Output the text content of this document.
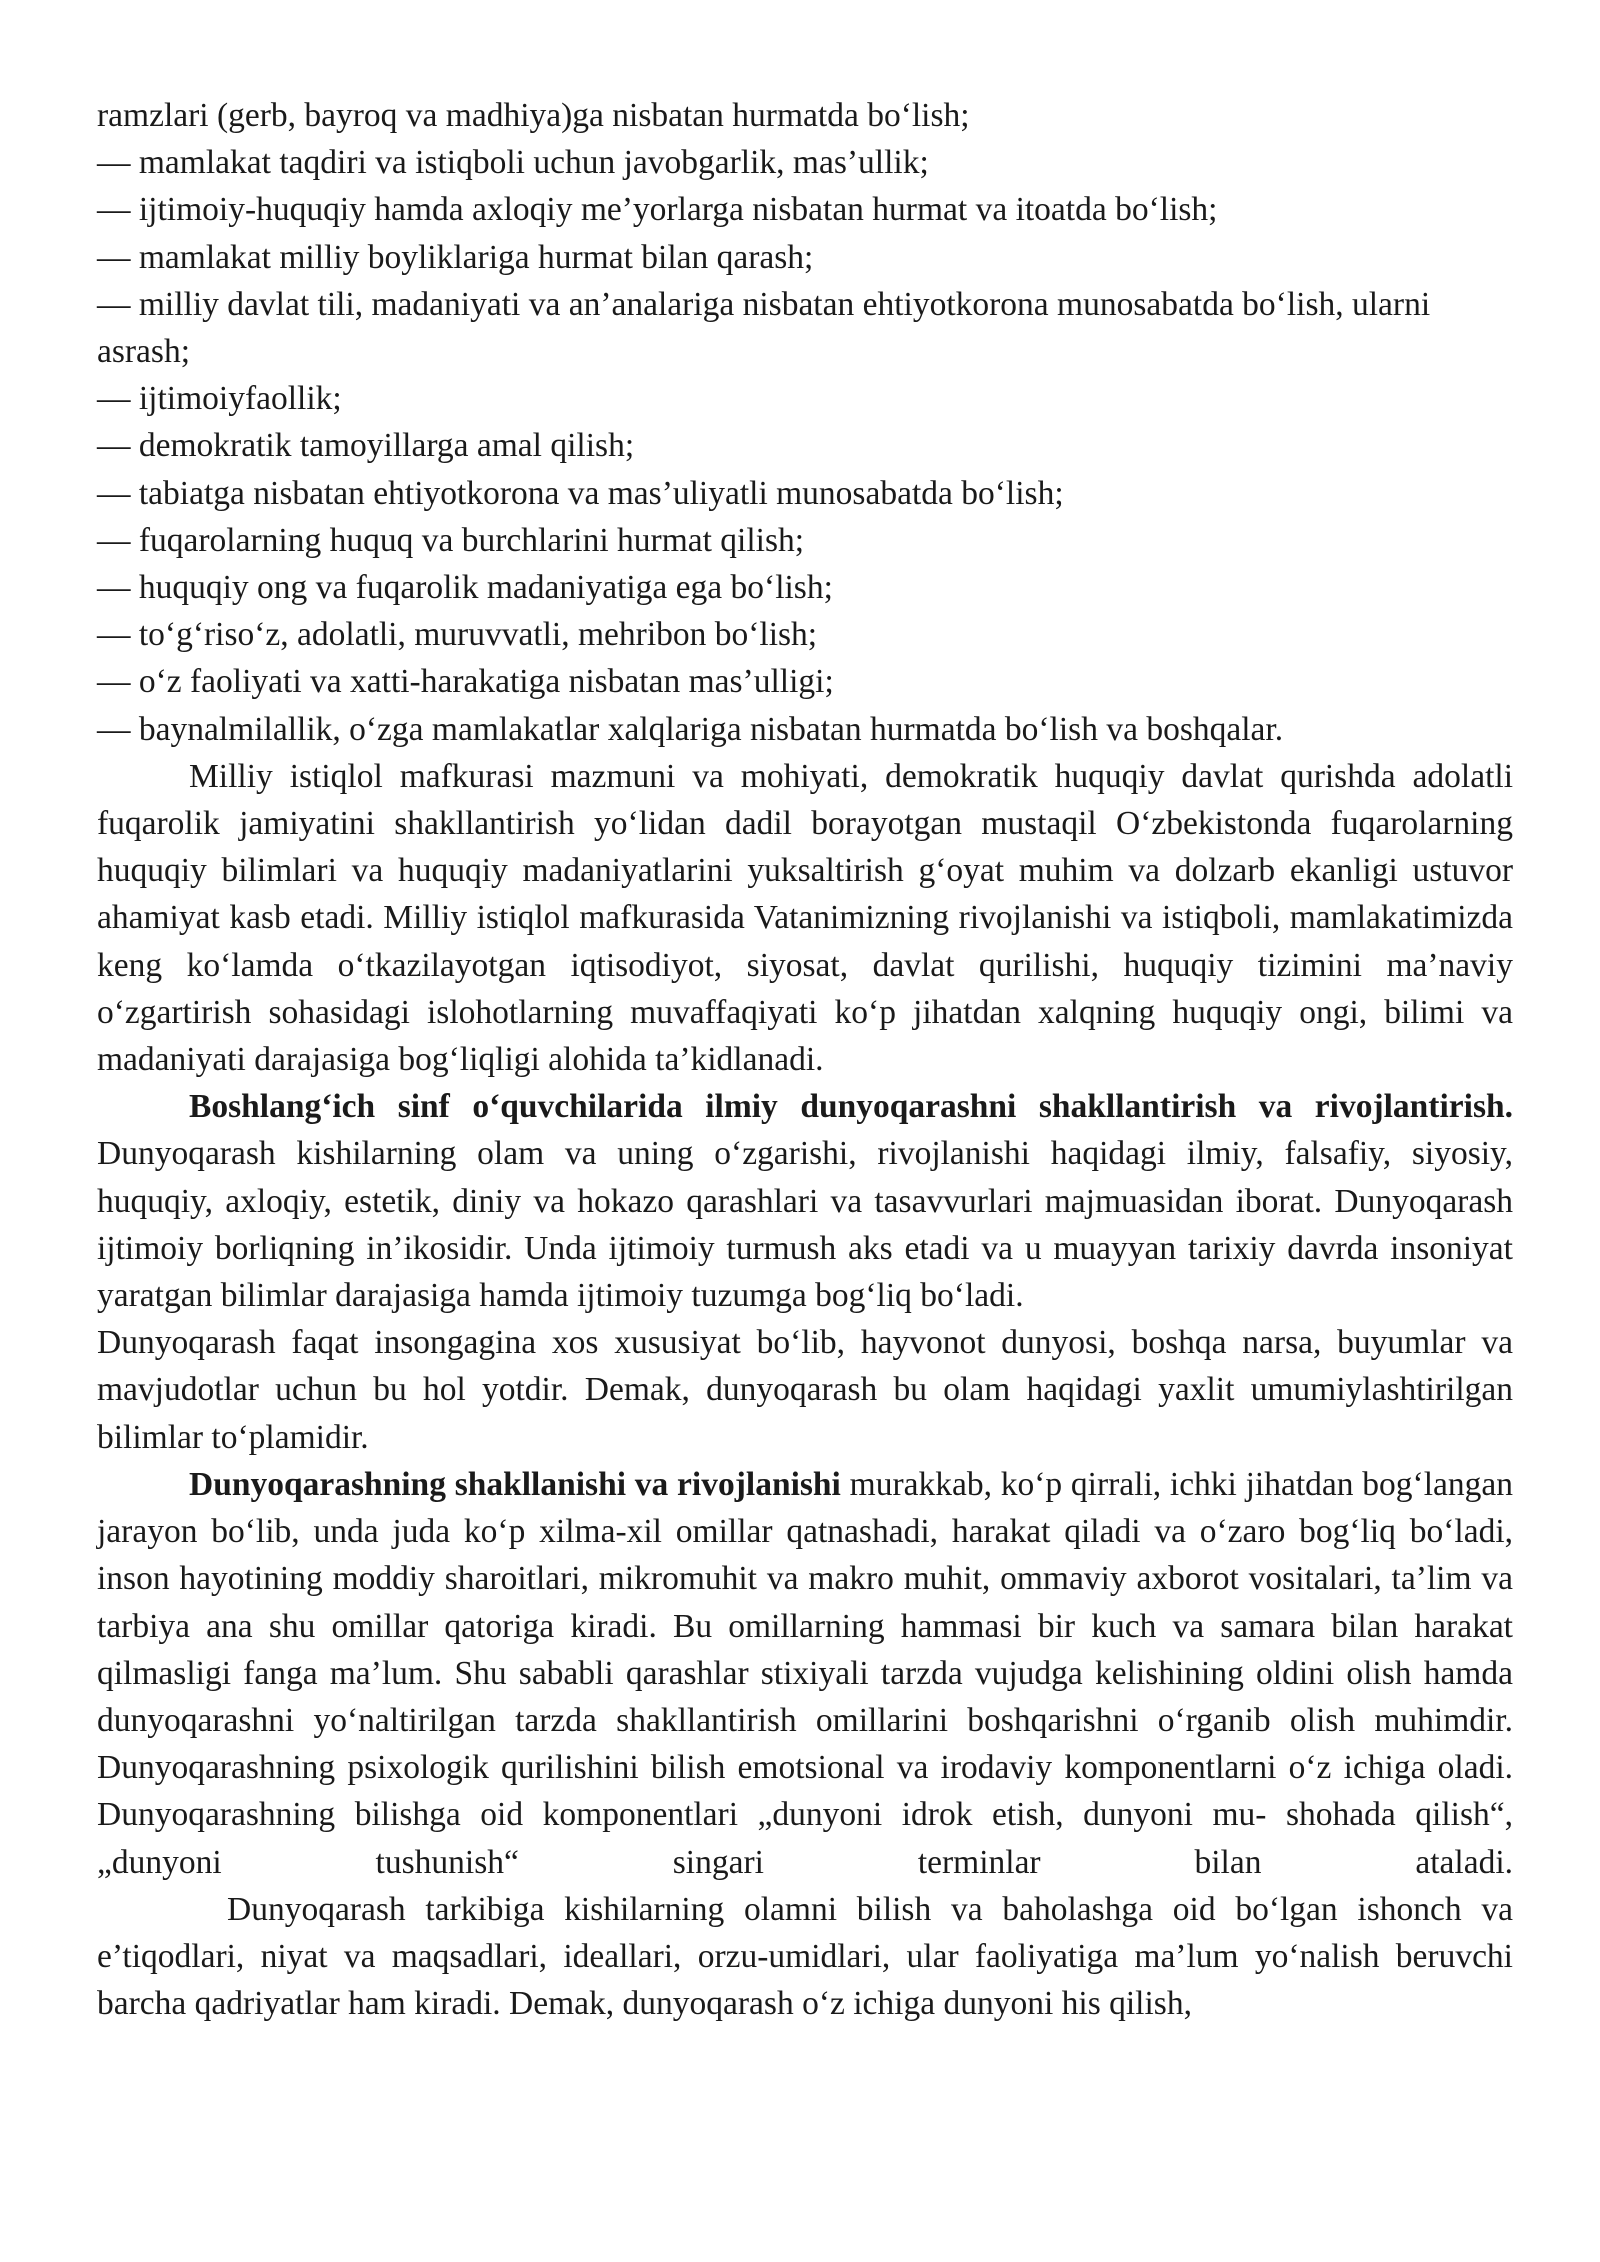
ramzlari (gerb, bayroq va madhiya)ga nisbatan hurmatda bo‘lish;
— mamlakat taqdiri va istiqboli uchun javobgarlik, mas’ullik;
— ijtimoiy-huquqiy hamda axloqiy me’yorlarga nisbatan hurmat va itoatda bo‘lish;
— mamlakat milliy boyliklariga hurmat bilan qarash;
— milliy davlat tili, madaniyati va an’analariga nisbatan ehtiyotkorona munosabatda bo‘lish, ularni asrash;
— ijtimoiyfaollik;
— demokratik tamoyillarga amal qilish;
— tabiatga nisbatan ehtiyotkorona va mas’uliyatli munosabatda bo‘lish;
— fuqarolarning huquq va burchlarini hurmat qilish;
— huquqiy ong va fuqarolik madaniyatiga ega bo‘lish;
— to‘g‘riso‘z, adolatli, muruvvatli, mehribon bo‘lish;
— o‘z faoliyati va xatti-harakatiga nisbatan mas’ulligi;
— baynalmilallik, o‘zga mamlakatlar xalqlariga nisbatan hurmatda bo‘lish va boshqalar.

Milliy istiqlol mafkurasi mazmuni va mohiyati, demokratik huquqiy davlat qurishda adolatli fuqarolik jamiyatini shakllantirish yo‘lidan dadil borayotgan mustaqil O‘zbekistonda fuqarolarning huquqiy bilimlari va huquqiy madaniyatlarini yuksaltirish g‘oyat muhim va dolzarb ekanligi ustuvor ahamiyat kasb etadi. Milliy istiqlol mafkurasida Vatanimizning rivojlanishi va istiqboli, mamlakatimizda keng ko‘lamda o‘tkazilayotgan iqtisodiyot, siyosat, davlat qurilishi, huquqiy tizimini ma’naviy o‘zgartirish sohasidagi islohotlarning muvaffaqiyati ko‘p jihatdan xalqning huquqiy ongi, bilimi va madaniyati darajasiga bog‘liqligi alohida ta’kidlanadi.

Boshlang‘ich sinf o‘quvchilarida ilmiy dunyoqarashni shakllantirish va rivojlantirish. Dunyoqarash kishilarning olam va uning o‘zgarishi, rivojlanishi haqidagi ilmiy, falsafiy, siyosiy, huquqiy, axloqiy, estetik, diniy va hokazo qarashlari va tasavvurlari majmuasidan iborat. Dunyoqarash ijtimoiy borliqning in’ikosidir. Unda ijtimoiy turmush aks etadi va u muayyan tarixiy davrda insoniyat yaratgan bilimlar darajasiga hamda ijtimoiy tuzumga bog‘liq bo‘ladi.

Dunyoqarash faqat insongagina xos xususiyat bo‘lib, hayvonot dunyosi, boshqa narsa, buyumlar va mavjudotlar uchun bu hol yotdir. Demak, dunyoqarash bu olam haqidagi yaxlit umumiylashtirilgan bilimlar to‘plamidir.

Dunyoqarashning shakllanishi va rivojlanishi murakkab, ko‘p qirrali, ichki jihatdan bog‘langan jarayon bo‘lib, unda juda ko‘p xilma-xil omillar qatnashadi, harakat qiladi va o‘zaro bog‘liq bo‘ladi, inson hayotining moddiy sharoitlari, mikromuhit va makro muhit, ommaviy axborot vositalari, ta’lim va tarbiya ana shu omillar qatoriga kiradi. Bu omillarning hammasi bir kuch va samara bilan harakat qilmasligi fanga ma’lum. Shu sababli qarashlar stixiyali tarzda vujudga kelishining oldini olish hamda dunyoqarashni yo‘naltirilgan tarzda shakllantirish omillarini boshqarishni o‘rganib olish muhimdir. Dunyoqarashning psixologik qurilishini bilish emotsional va irodaviy komponentlarni o‘z ichiga oladi. Dunyoqarashning bilishga oid komponentlari „dunyoni idrok etish, dunyoni mu- shohada qilish“, „dunyoni tushunish“ singari terminlar bilan ataladi.

Dunyoqarash tarkibiga kishilarning olamni bilish va baholashga oid bo‘lgan ishonch va e’tiqodlari, niyat va maqsadlari, ideallari, orzu-umidlari, ular faoliyatiga ma’lum yo‘nalish beruvchi barcha qadriyatlar ham kiradi. Demak, dunyoqarash o‘z ichiga dunyoni his qilish,
